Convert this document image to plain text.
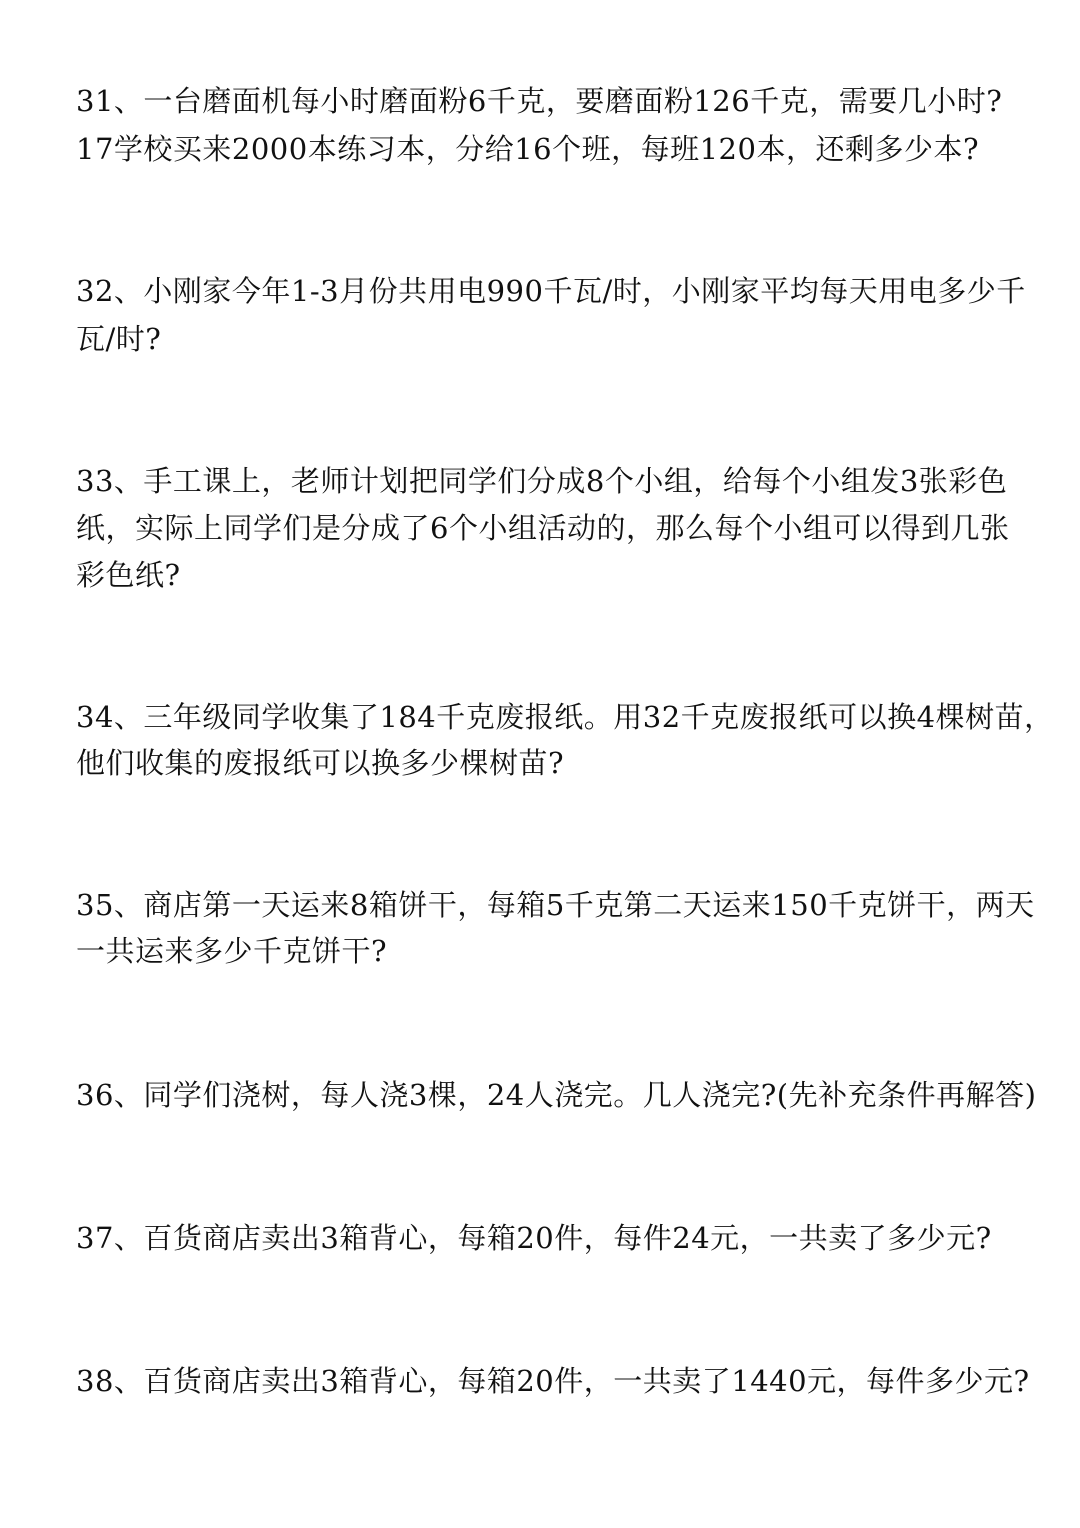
31、一台磨面机每小时磨面粉6千克，要磨面粉126千克，需要几小时?
17学校买来2000本练习本，分给16个班，每班120本，还剩多少本?
32、小刚家今年1-3月份共用电990千瓦/时，小刚家平均每天用电多少千
瓦/时?
33、手工课上，老师计划把同学们分成8个小组，给每个小组发3张彩色
纸，实际上同学们是分成了6个小组活动的，那么每个小组可以得到几张
彩色纸?
34、三年级同学收集了184千克废报纸。用32千克废报纸可以换4棵树苗，
他们收集的废报纸可以换多少棵树苗?
35、商店第一天运来8箱饼干，每箱5千克第二天运来150千克饼干，两天
一共运来多少千克饼干?
36、同学们浇树，每人浇3棵，24人浇完。几人浇完?(先补充条件再解答)
37、百货商店卖出3箱背心，每箱20件，每件24元，一共卖了多少元?
38、百货商店卖出3箱背心，每箱20件，一共卖了1440元，每件多少元?
